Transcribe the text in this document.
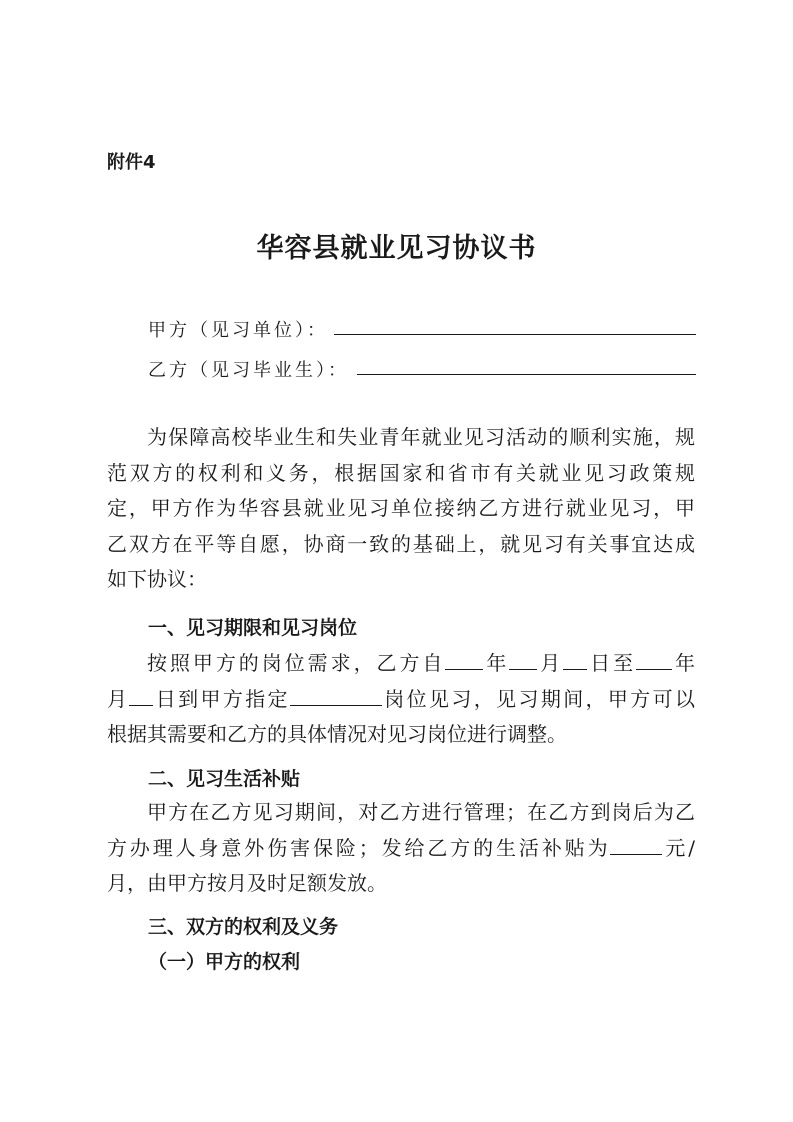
附件4
华容县就业见习协议书
甲方（见习单位）：
乙方（见习毕业生）：
为保障高校毕业生和失业青年就业见习活动的顺利实施，规
范双方的权利和义务，根据国家和省市有关就业见习政策规
定，甲方作为华容县就业见习单位接纳乙方进行就业见习，甲
乙双方在平等自愿，协商一致的基础上，就见习有关事宜达成
如下协议：
一、见习期限和见习岗位
按照甲方的岗位需求，乙方自 年 月 日至 年
月 日到甲方指定	岗位见习，见习期间，甲方可以
根据其需要和乙方的具体情况对见习岗位进行调整。
二、见习生活补贴
甲方在乙方见习期间，对乙方进行管理；在乙方到岗后为乙
方办理人身意外伤害保险；发给乙方的生活补贴为	元/
月，由甲方按月及时足额发放。
三、双方的权利及义务
（一）甲方的权利
